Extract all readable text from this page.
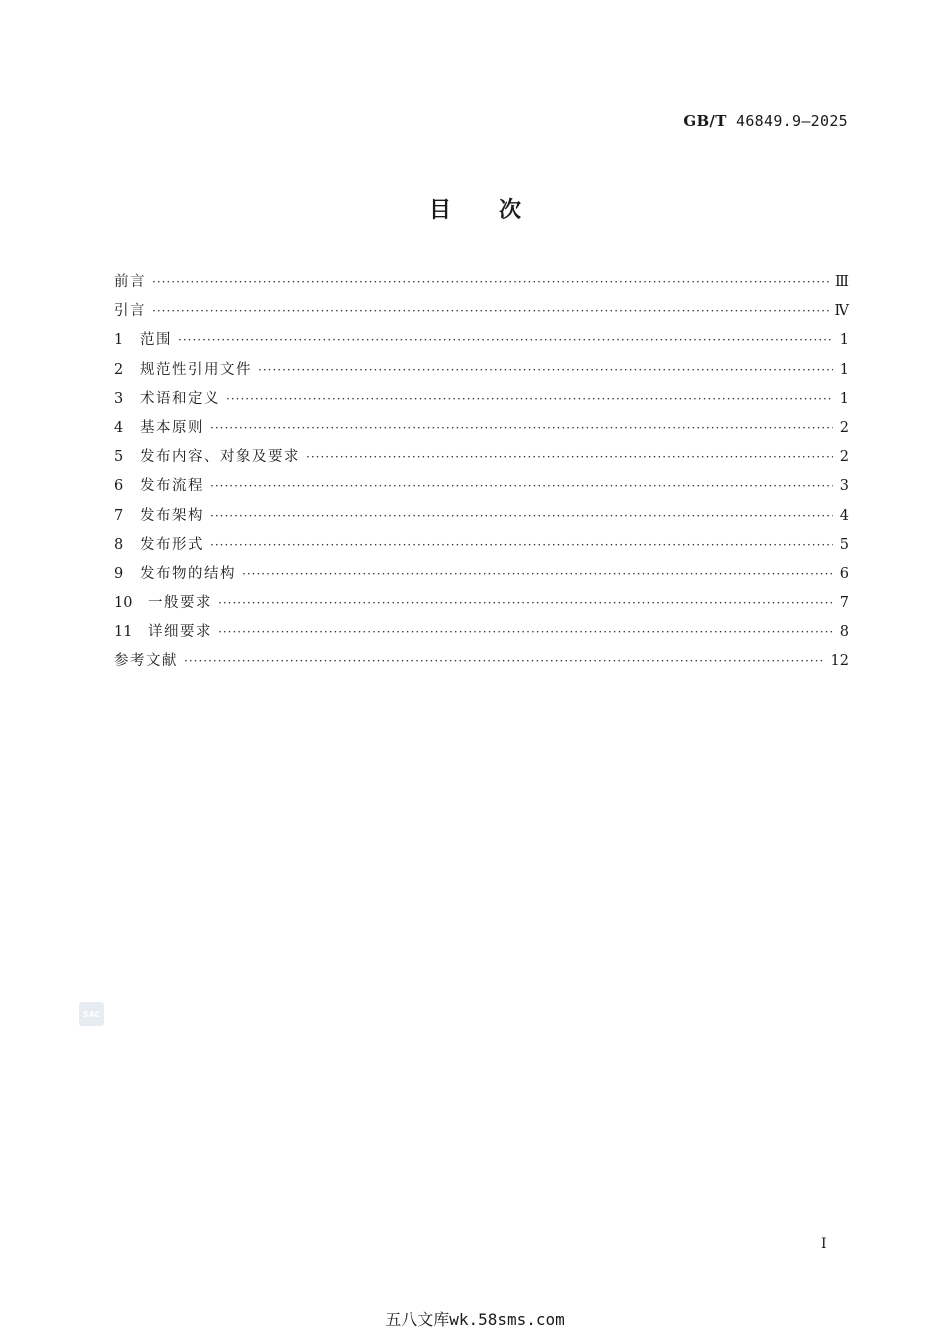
GB/T 46849.9—2025
目次
前言 ·····	Ⅲ
引言 ·····	Ⅳ
1	范围 ·····	1
2	规范性引用文件 ·····	1
3	术语和定义 ·····	1
4	基本原则 ·····	2
5	发布内容、对象及要求 ·····	2
6	发布流程 ·····	3
7	发布架构 ·····	4
8	发布形式 ·····	5
9	发布物的结构 ·····	6
10	一般要求 ·····	7
11	详细要求 ·····	8
参考文献 ·····	12
SAC
Ⅰ
五八文库wk.58sms.com
